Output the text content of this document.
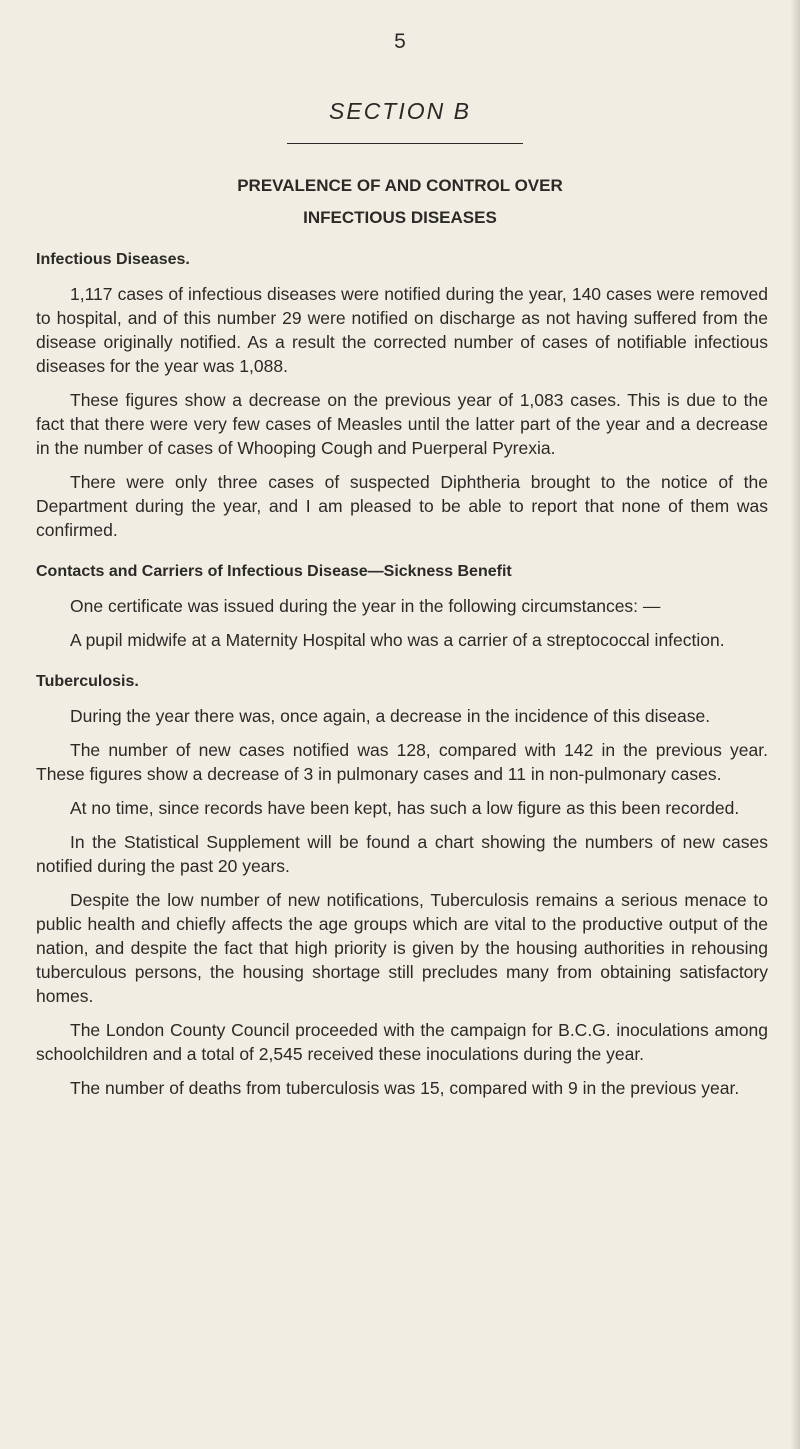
5

SECTION B

PREVALENCE OF AND CONTROL OVER
INFECTIOUS DISEASES
Infectious Diseases.

1,117 cases of infectious diseases were notified during the year, 140 cases were removed to hospital, and of this number 29 were notified on discharge as not having suffered from the disease originally notified. As a result the corrected number of cases of notifiable infectious diseases for the year was 1,088.

These figures show a decrease on the previous year of 1,083 cases. This is due to the fact that there were very few cases of Measles until the latter part of the year and a decrease in the number of cases of Whooping Cough and Puerperal Pyrexia.

There were only three cases of suspected Diphtheria brought to the notice of the Department during the year, and I am pleased to be able to report that none of them was confirmed.

Contacts and Carriers of Infectious Disease—Sickness Benefit

One certificate was issued during the year in the following circumstances: —

A pupil midwife at a Maternity Hospital who was a carrier of a streptococcal infection.

Tuberculosis.

During the year there was, once again, a decrease in the incidence of this disease.

The number of new cases notified was 128, compared with 142 in the previous year. These figures show a decrease of 3 in pulmonary cases and 11 in non-pulmonary cases.

At no time, since records have been kept, has such a low figure as this been recorded.

In the Statistical Supplement will be found a chart showing the numbers of new cases notified during the past 20 years.

Despite the low number of new notifications, Tuberculosis remains a serious menace to public health and chiefly affects the age groups which are vital to the productive output of the nation, and despite the fact that high priority is given by the housing authorities in rehousing tuberculous persons, the housing shortage still precludes many from obtaining satisfactory homes.

The London County Council proceeded with the campaign for B.C.G. inoculations among schoolchildren and a total of 2,545 received these inoculations during the year.

The number of deaths from tuberculosis was 15, compared with 9 in the previous year.
